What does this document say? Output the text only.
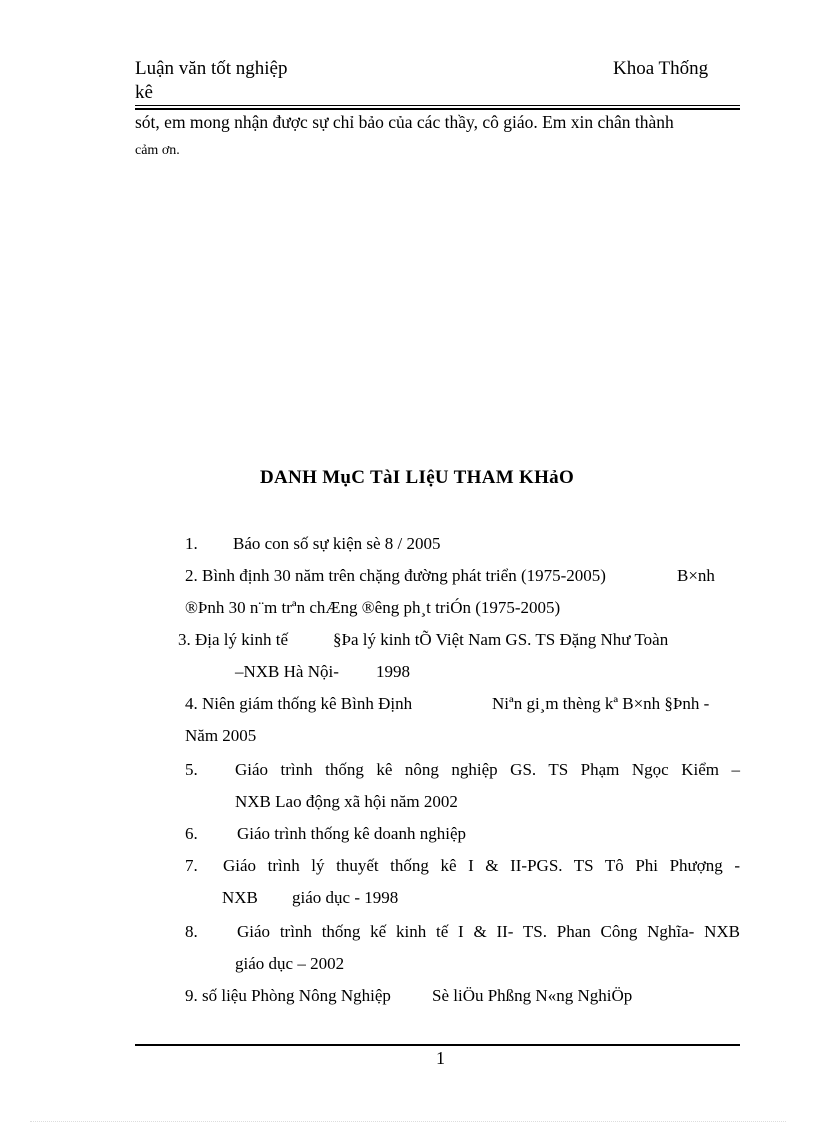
Luận văn tốt nghiệp	Khoa Thống
kê
sót, em mong nhận được sự chỉ bảo của các thầy, cô giáo. Em xin chân thành
cảm ơn.
DANH MụC TàI LIệU THAM KHảO
1. Báo con số sự kiện sè 8 / 2005
2. Bình định 30 năm trên chặng đường phát triển (1975-2005)	B×nh
®Þnh 30 n¨m trªn chÆng ®êng ph¸t triÓn (1975-2005)
3. Địa lý kinh tế	§Þa lý kinh tÕ Việt Nam GS. TS Đặng Như Toàn
–NXB Hà Nội- 1998
4. Niên giám thống kê Bình Định	Niªn gi¸m thèng kª B×nh §Þnh -
Năm 2005
5. Giáo trình thống kê nông nghiệp GS. TS Phạm Ngọc Kiểm –
NXB Lao động xã hội năm 2002
6. Giáo trình thống kê doanh nghiệp
7. Giáo trình lý thuyết thống kê I & II-PGS. TS Tô Phi Phượng -
NXB giáo dục - 1998
8. Giáo trình thống kế kinh tế I & II- TS. Phan Công Nghĩa- NXB
giáo dục – 2002
9. số liệu Phòng Nông Nghiệp Sè liÖu Phßng N«ng NghiÖp
1
